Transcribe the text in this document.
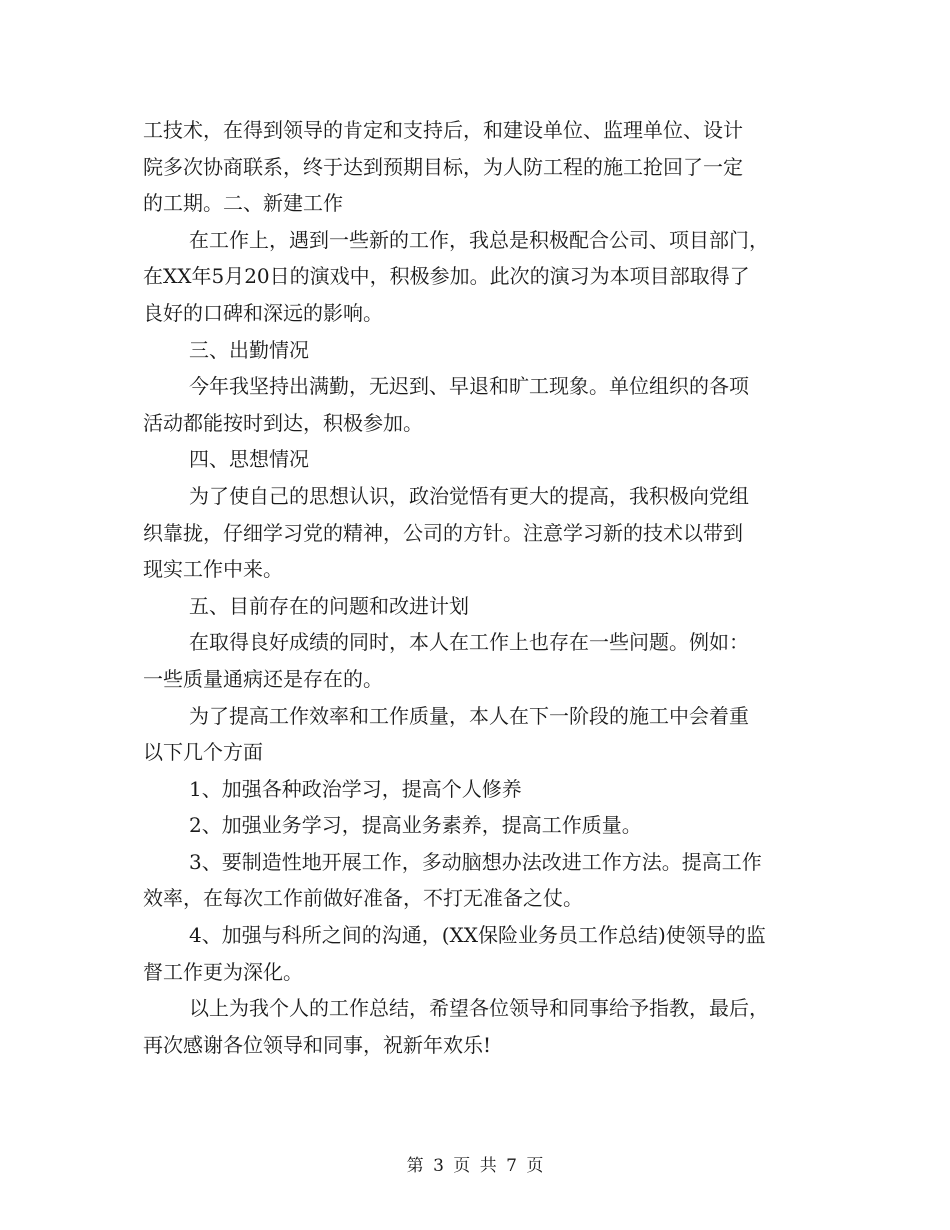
工技术，在得到领导的肯定和支持后，和建设单位、监理单位、设计
院多次协商联系，终于达到预期目标，为人防工程的施工抢回了一定
的工期。二、新建工作
在工作上，遇到一些新的工作，我总是积极配合公司、项目部门，
在XX年5月20日的演戏中，积极参加。此次的演习为本项目部取得了
良好的口碑和深远的影响。
三、出勤情况
今年我坚持出满勤，无迟到、早退和旷工现象。单位组织的各项
活动都能按时到达，积极参加。
四、思想情况
为了使自己的思想认识，政治觉悟有更大的提高，我积极向党组
织靠拢，仔细学习党的精神，公司的方针。注意学习新的技术以带到
现实工作中来。
五、目前存在的问题和改进计划
在取得良好成绩的同时，本人在工作上也存在一些问题。例如：
一些质量通病还是存在的。
为了提高工作效率和工作质量，本人在下一阶段的施工中会着重
以下几个方面
1、加强各种政治学习，提高个人修养
2、加强业务学习，提高业务素养，提高工作质量。
3、要制造性地开展工作，多动脑想办法改进工作方法。提高工作
效率，在每次工作前做好准备，不打无准备之仗。
4、加强与科所之间的沟通，(XX保险业务员工作总结)使领导的监
督工作更为深化。
以上为我个人的工作总结，希望各位领导和同事给予指教，最后，
再次感谢各位领导和同事，祝新年欢乐!
第 3 页 共 7 页
